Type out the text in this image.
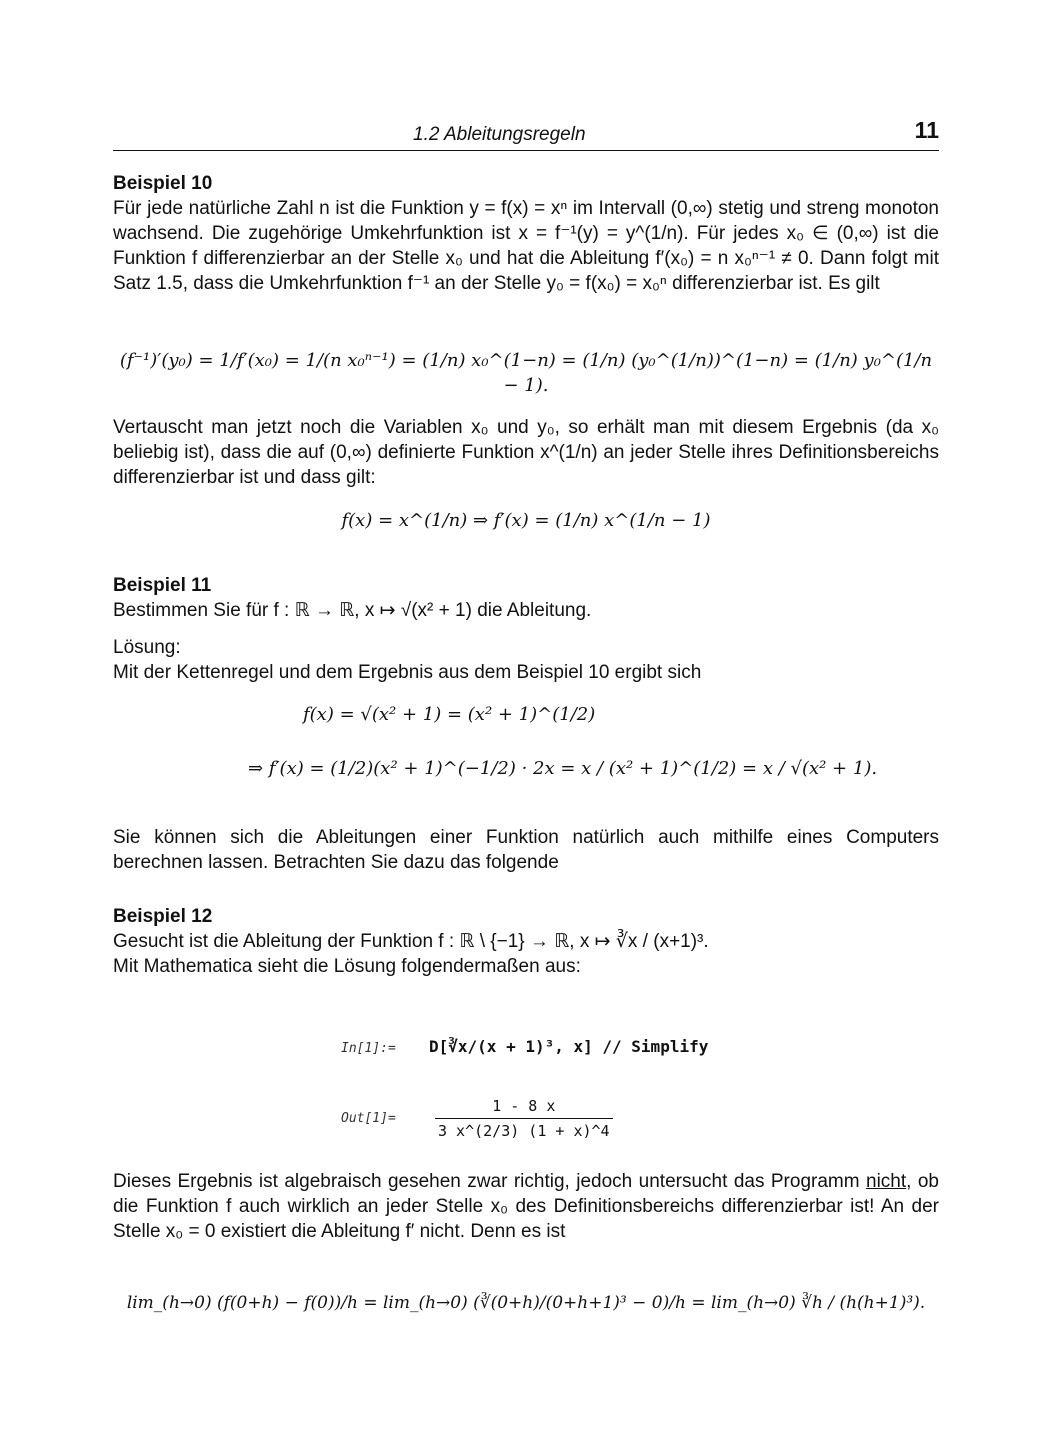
1.2 Ableitungsregeln	11

Beispiel 10

Für jede natürliche Zahl n ist die Funktion y = f(x) = xⁿ im Intervall (0,∞) stetig und streng monoton wachsend. Die zugehörige Umkehrfunktion ist x = f⁻¹(y) = y^(1/n). Für jedes x₀ ∈ (0,∞) ist die Funktion f differenzierbar an der Stelle x₀ und hat die Ableitung f′(x₀) = n x₀ⁿ⁻¹ ≠ 0. Dann folgt mit Satz 1.5, dass die Umkehrfunktion f⁻¹ an der Stelle y₀ = f(x₀) = x₀ⁿ differenzierbar ist. Es gilt

(f⁻¹)′(y₀) = 1/f′(x₀) = 1/(n x₀ⁿ⁻¹) = (1/n) x₀^(1−n) = (1/n) (y₀^(1/n))^(1−n) = (1/n) y₀^(1/n − 1).

Vertauscht man jetzt noch die Variablen x₀ und y₀, so erhält man mit diesem Ergebnis (da x₀ beliebig ist), dass die auf (0,∞) definierte Funktion x^(1/n) an jeder Stelle ihres Definitionsbereichs differenzierbar ist und dass gilt:

f(x) = x^(1/n) ⇒ f′(x) = (1/n) x^(1/n − 1)

Beispiel 11

Bestimmen Sie für f : ℝ → ℝ, x ↦ √(x² + 1) die Ableitung.

Lösung:

Mit der Kettenregel und dem Ergebnis aus dem Beispiel 10 ergibt sich

f(x) = √(x² + 1) = (x² + 1)^(1/2)
⇒ f′(x) = (1/2)(x² + 1)^(−1/2) · 2x = x / (x² + 1)^(1/2) = x / √(x² + 1).

Sie können sich die Ableitungen einer Funktion natürlich auch mithilfe eines Computers berechnen lassen. Betrachten Sie dazu das folgende

Beispiel 12

Gesucht ist die Ableitung der Funktion f : ℝ \ {−1} → ℝ, x ↦ ∛x / (x+1)³.

Mit Mathematica sieht die Lösung folgendermaßen aus:

In[1]:= D[∛x/(x + 1)³, x] // Simplify
Out[1]=	$\frac{1 - 8 x}{3 x\^{}(2/3) (1 + x)\^{}4}$

Dieses Ergebnis ist algebraisch gesehen zwar richtig, jedoch untersucht das Programm nicht, ob die Funktion f auch wirklich an jeder Stelle x₀ des Definitionsbereichs differenzierbar ist! An der Stelle x₀ = 0 existiert die Ableitung f′ nicht. Denn es ist

lim_(h→0) (f(0+h) − f(0))/h = lim_(h→0) (∛(0+h)/(0+h+1)³ − 0)/h = lim_(h→0) ∛h / (h(h+1)³).
